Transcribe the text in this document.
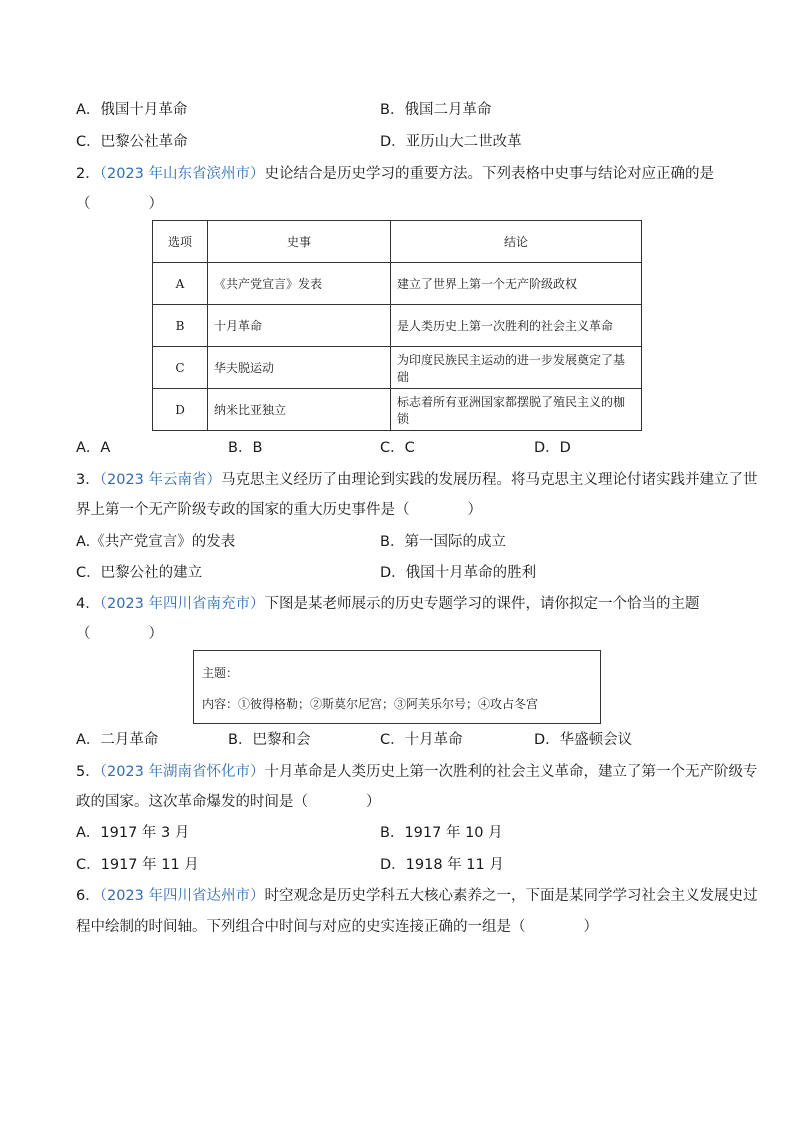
A．俄国十月革命	B．俄国二月革命
C．巴黎公社革命	D．亚历山大二世改革
2．（2023 年山东省滨州市）史论结合是历史学习的重要方法。下列表格中史事与结论对应正确的是
（　　　　）
选项	史事	结论
A	《共产党宣言》发表	建立了世界上第一个无产阶级政权
B	十月革命	是人类历史上第一次胜利的社会主义革命
C	华夫脱运动	为印度民族民主运动的进一步发展奠定了基础
D	纳米比亚独立	标志着所有亚洲国家都摆脱了殖民主义的枷锁
A．A	B．B	C．C	D．D
3．（2023 年云南省）马克思主义经历了由理论到实践的发展历程。将马克思主义理论付诸实践并建立了世
界上第一个无产阶级专政的国家的重大历史事件是（　　　　）
A.《共产党宣言》的发表	B．第一国际的成立
C．巴黎公社的建立	D．俄国十月革命的胜利
4．（2023 年四川省南充市）下图是某老师展示的历史专题学习的课件，请你拟定一个恰当的主题
（　　　　）
主题：
内容：①彼得格勒；②斯莫尔尼宫；③阿芙乐尔号；④攻占冬宫
A．二月革命	B．巴黎和会	C．十月革命	D．华盛顿会议
5．（2023 年湖南省怀化市）十月革命是人类历史上第一次胜利的社会主义革命，建立了第一个无产阶级专
政的国家。这次革命爆发的时间是（　　　　）
A．1917 年 3 月	B．1917 年 10 月
C．1917 年 11 月	D．1918 年 11 月
6．（2023 年四川省达州市）时空观念是历史学科五大核心素养之一，下面是某同学学习社会主义发展史过
程中绘制的时间轴。下列组合中时间与对应的史实连接正确的一组是（　　　　）
